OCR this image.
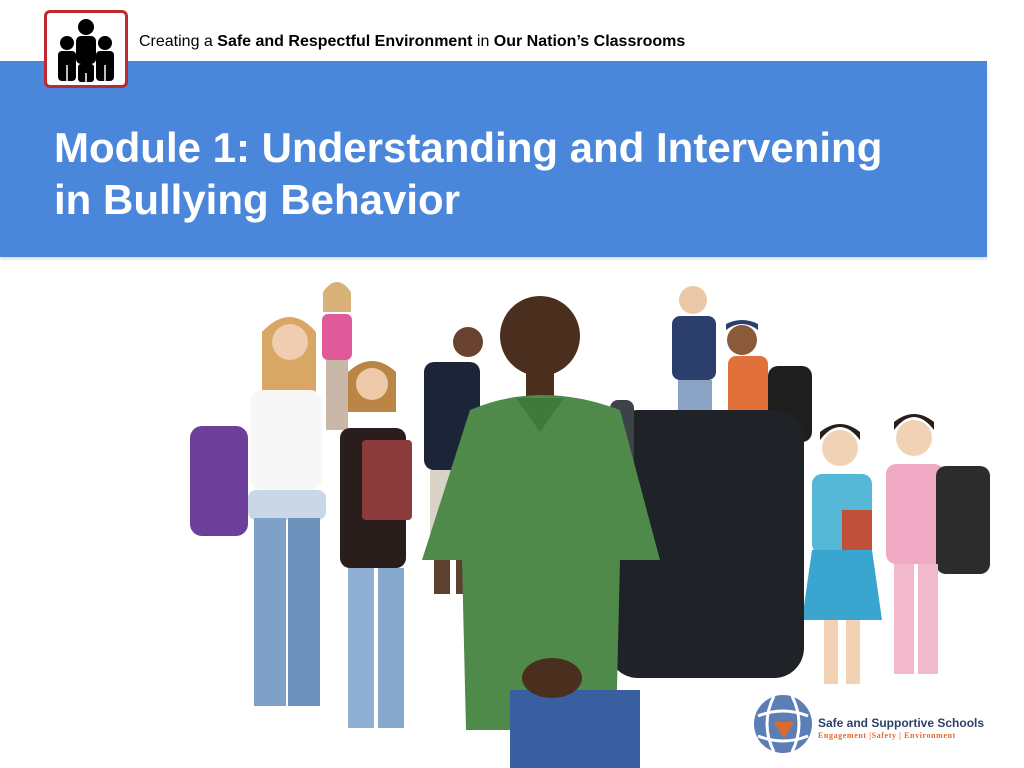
Creating a Safe and Respectful Environment in Our Nation’s Classrooms
Module 1: Understanding and Intervening
in Bullying Behavior
Safe and Supportive Schools
Engagement |Safety | Environment
